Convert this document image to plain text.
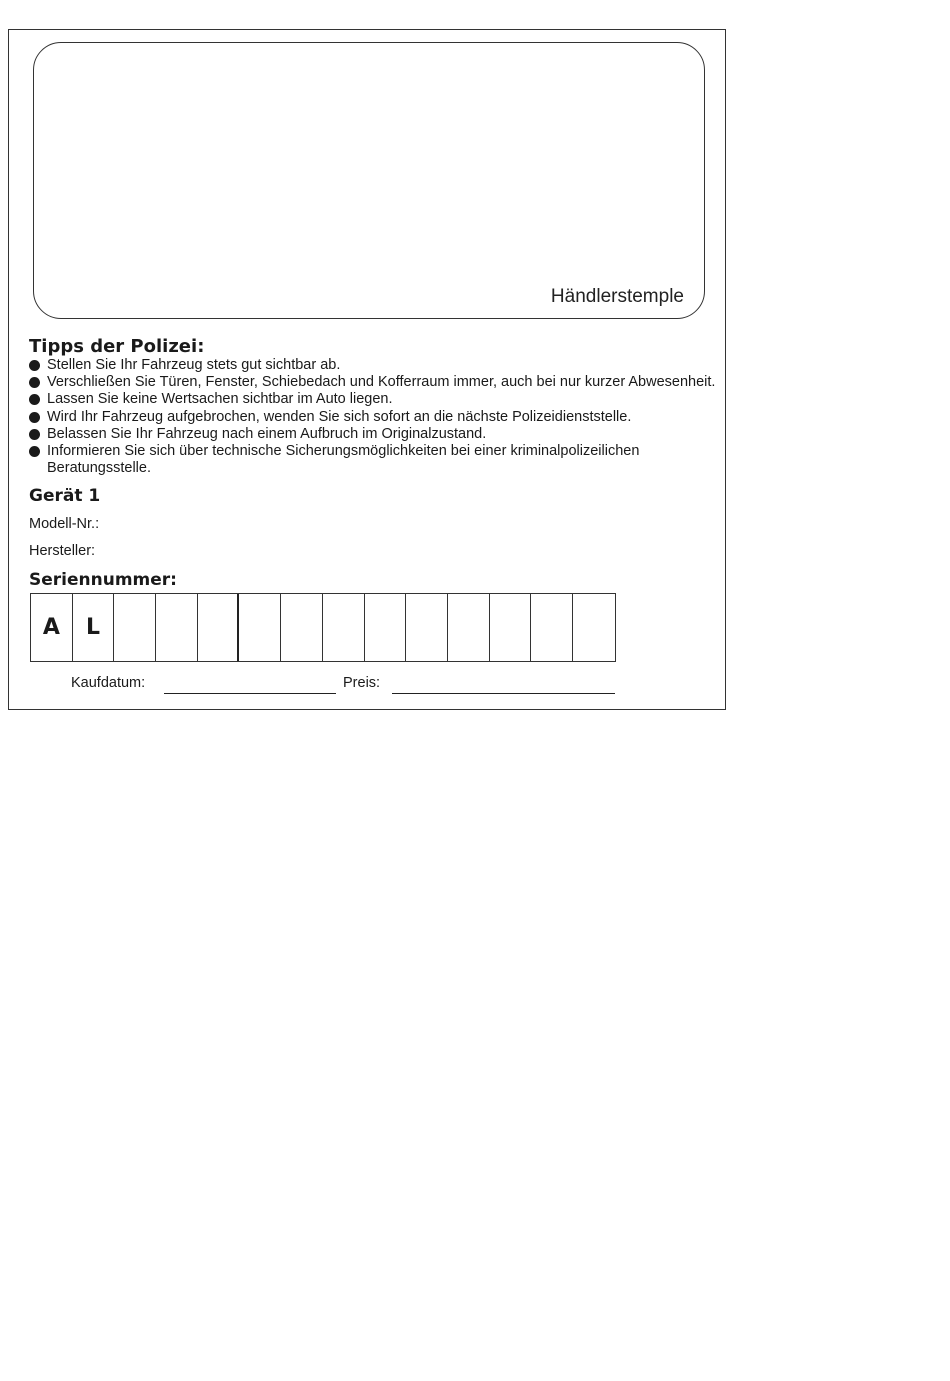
Händlerstemple
Tipps der Polizei:
Stellen Sie Ihr Fahrzeug stets gut sichtbar ab.
Verschließen Sie Türen, Fenster, Schiebedach und Kofferraum immer, auch bei nur kurzer Abwesenheit.
Lassen Sie keine Wertsachen sichtbar im Auto liegen.
Wird Ihr Fahrzeug aufgebrochen, wenden Sie sich sofort an die nächste Polizeidienststelle.
Belassen Sie Ihr Fahrzeug nach einem Aufbruch im Originalzustand.
Informieren Sie sich über technische Sicherungsmöglichkeiten bei einer kriminalpolizeilichen Beratungsstelle.
Gerät 1
Modell-Nr.:
Hersteller:
Seriennummer:
A	L
Kaufdatum:	Preis:
